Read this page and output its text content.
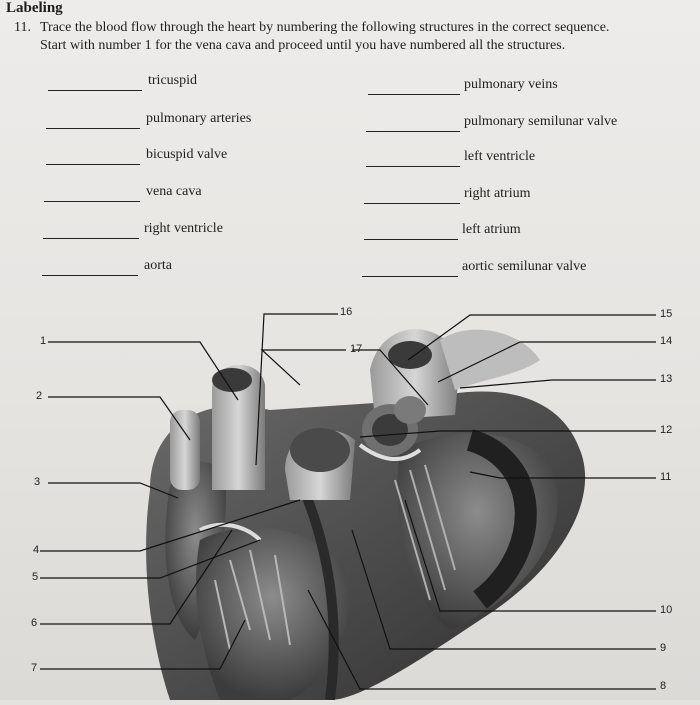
Labeling
11. Trace the blood flow through the heart by numbering the following structures in the correct sequence.
Start with number 1 for the vena cava and proceed until you have numbered all the structures.
tricuspid
pulmonary arteries
bicuspid valve
vena cava
right ventricle
aorta
pulmonary veins
pulmonary semilunar valve
left ventricle
right atrium
left atrium
aortic semilunar valve
1
2
3
4
5
6
7
15
14
13
12
11
10
9
8
16
17
